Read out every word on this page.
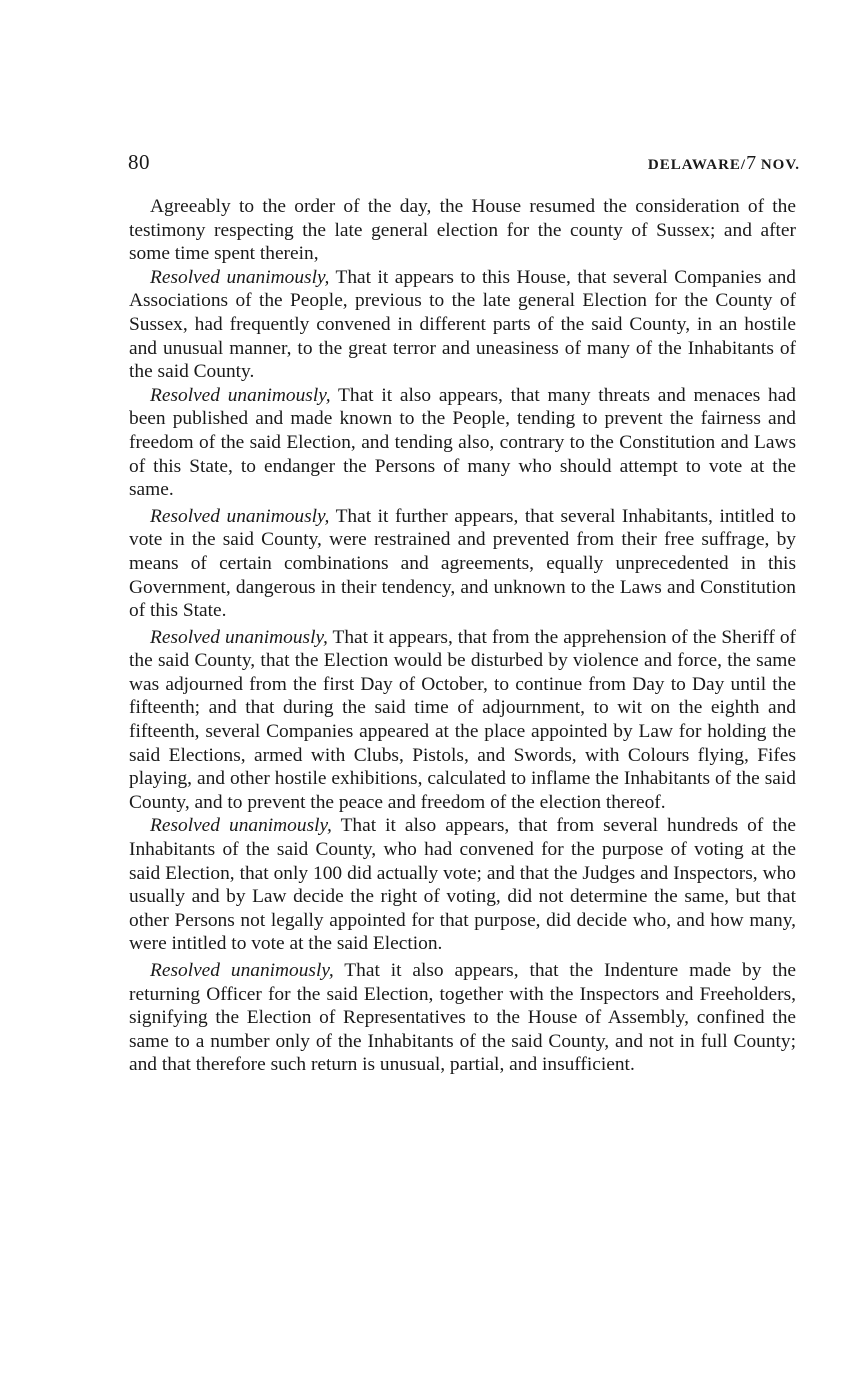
80	DELAWARE/7 NOV.

Agreeably to the order of the day, the House resumed the consideration of the testimony respecting the late general election for the county of Sussex; and after some time spent therein,

Resolved unanimously, That it appears to this House, that several Companies and Associations of the People, previous to the late general Election for the County of Sussex, had frequently convened in different parts of the said County, in an hostile and unusual manner, to the great terror and uneasiness of many of the Inhabitants of the said County.

Resolved unanimously, That it also appears, that many threats and menaces had been published and made known to the People, tending to prevent the fairness and freedom of the said Election, and tending also, contrary to the Constitution and Laws of this State, to endanger the Persons of many who should attempt to vote at the same.

Resolved unanimously, That it further appears, that several Inhabitants, intitled to vote in the said County, were restrained and prevented from their free suffrage, by means of certain combinations and agreements, equally unprecedented in this Government, dangerous in their tendency, and unknown to the Laws and Constitution of this State.

Resolved unanimously, That it appears, that from the apprehension of the Sheriff of the said County, that the Election would be disturbed by violence and force, the same was adjourned from the first Day of October, to continue from Day to Day until the fifteenth; and that during the said time of adjournment, to wit on the eighth and fifteenth, several Companies appeared at the place appointed by Law for holding the said Elections, armed with Clubs, Pistols, and Swords, with Colours flying, Fifes playing, and other hostile exhibitions, calculated to inflame the Inhabitants of the said County, and to prevent the peace and freedom of the election thereof.

Resolved unanimously, That it also appears, that from several hundreds of the Inhabitants of the said County, who had convened for the purpose of voting at the said Election, that only 100 did actually vote; and that the Judges and Inspectors, who usually and by Law decide the right of voting, did not determine the same, but that other Persons not legally appointed for that purpose, did decide who, and how many, were intitled to vote at the said Election.

Resolved unanimously, That it also appears, that the Indenture made by the returning Officer for the said Election, together with the Inspectors and Freeholders, signifying the Election of Representatives to the House of Assembly, confined the same to a number only of the Inhabitants of the said County, and not in full County; and that therefore such return is unusual, partial, and insufficient.
